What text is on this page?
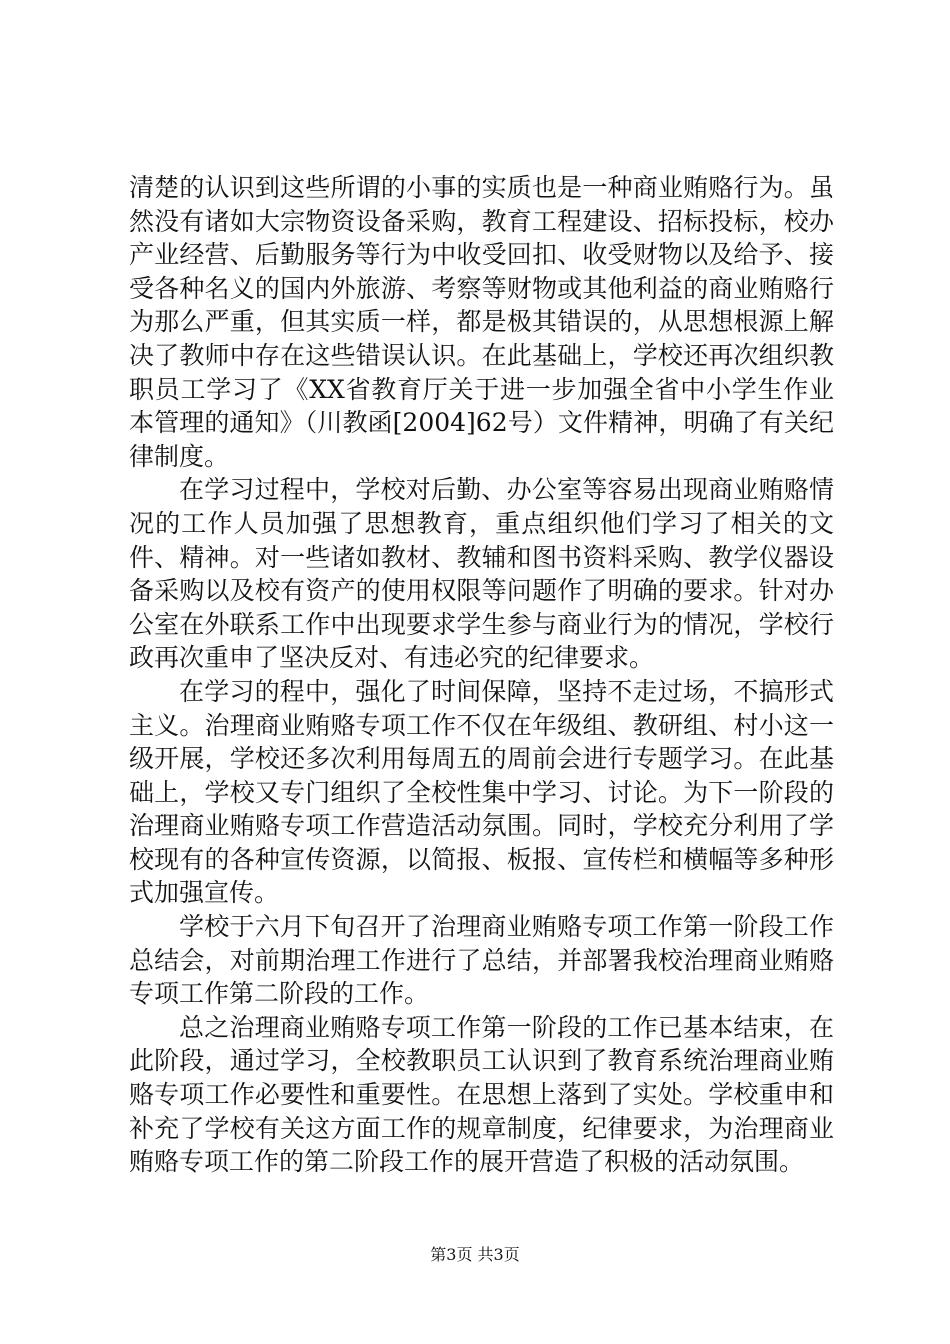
清楚的认识到这些所谓的小事的实质也是一种商业贿赂行为。虽然没有诸如大宗物资设备采购，教育工程建设、招标投标，校办产业经营、后勤服务等行为中收受回扣、收受财物以及给予、接受各种名义的国内外旅游、考察等财物或其他利益的商业贿赂行为那么严重，但其实质一样，都是极其错误的，从思想根源上解决了教师中存在这些错误认识。在此基础上，学校还再次组织教职员工学习了《XX省教育厅关于进一步加强全省中小学生作业本管理的通知》（川教函[2004]62号）文件精神，明确了有关纪律制度。

在学习过程中，学校对后勤、办公室等容易出现商业贿赂情况的工作人员加强了思想教育，重点组织他们学习了相关的文件、精神。对一些诸如教材、教辅和图书资料采购、教学仪器设备采购以及校有资产的使用权限等问题作了明确的要求。针对办公室在外联系工作中出现要求学生参与商业行为的情况，学校行政再次重申了坚决反对、有违必究的纪律要求。

在学习的程中，强化了时间保障，坚持不走过场，不搞形式主义。治理商业贿赂专项工作不仅在年级组、教研组、村小这一级开展，学校还多次利用每周五的周前会进行专题学习。在此基础上，学校又专门组织了全校性集中学习、讨论。为下一阶段的治理商业贿赂专项工作营造活动氛围。同时，学校充分利用了学校现有的各种宣传资源，以简报、板报、宣传栏和横幅等多种形式加强宣传。

学校于六月下旬召开了治理商业贿赂专项工作第一阶段工作总结会，对前期治理工作进行了总结，并部署我校治理商业贿赂专项工作第二阶段的工作。

总之治理商业贿赂专项工作第一阶段的工作已基本结束，在此阶段，通过学习，全校教职员工认识到了教育系统治理商业贿赂专项工作必要性和重要性。在思想上落到了实处。学校重申和补充了学校有关这方面工作的规章制度，纪律要求，为治理商业贿赂专项工作的第二阶段工作的展开营造了积极的活动氛围。

第3页 共3页
